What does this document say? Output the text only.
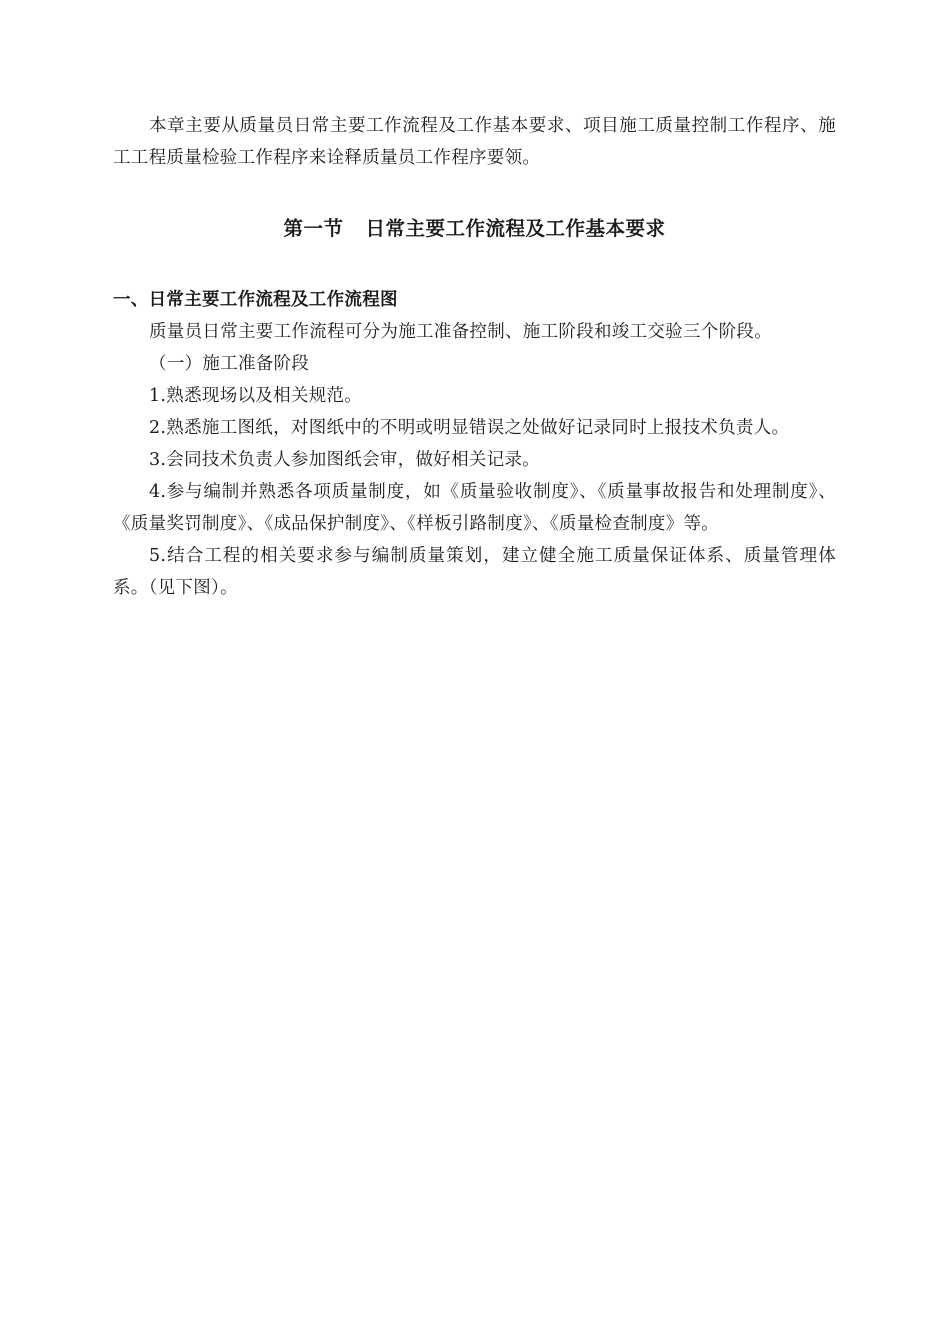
本章主要从质量员日常主要工作流程及工作基本要求、项目施工质量控制工作程序、施工工程质量检验工作程序来诠释质量员工作程序要领。

第一节 日常主要工作流程及工作基本要求

一、日常主要工作流程及工作流程图

质量员日常主要工作流程可分为施工准备控制、施工阶段和竣工交验三个阶段。

（一）施工准备阶段

1.熟悉现场以及相关规范。

2.熟悉施工图纸，对图纸中的不明或明显错误之处做好记录同时上报技术负责人。

3.会同技术负责人参加图纸会审，做好相关记录。

4.参与编制并熟悉各项质量制度，如《质量验收制度》、《质量事故报告和处理制度》、《质量奖罚制度》、《成品保护制度》、《样板引路制度》、《质量检查制度》等。

5.结合工程的相关要求参与编制质量策划，建立健全施工质量保证体系、质量管理体系。（见下图）。
